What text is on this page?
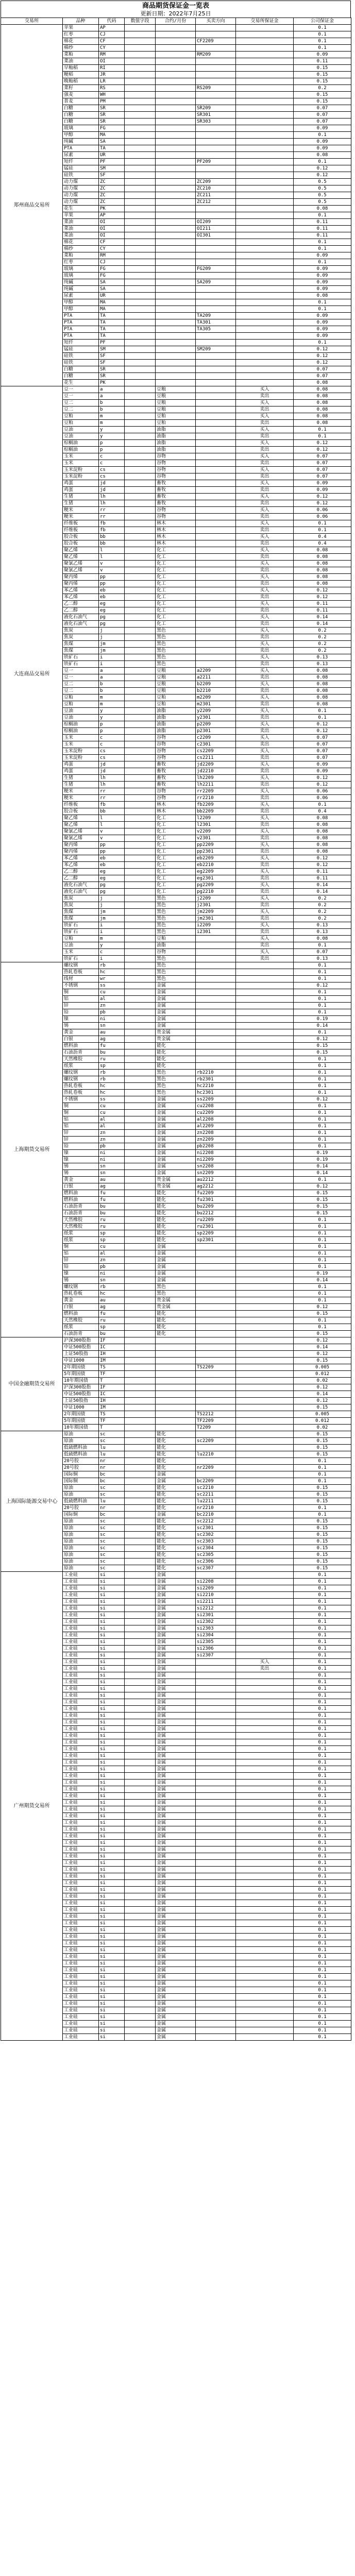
商品期货保证金一览表
更新日期：2022年7月25日
交易所	品种	代码	数值字段	合约/月份	买卖方向	交易所保证金	公司保证金
郑州商品交易所	苹果	AP					0.1
	红枣	CJ					0.1
	棉花	CF			CF2209		0.1
	棉纱	CY					0.1
	菜粕	RM			RM209		0.09
	菜油	OI					0.11
	早籼稻	RI					0.15
	粳稻	JR					0.15
	晚籼稻	LR					0.15
	菜籽	RS			RS209		0.2
	强麦	WH					0.15
	普麦	PM					0.15
	白糖	SR			SR209		0.07
	白糖	SR			SR301		0.07
	白糖	SR			SR303		0.07
	玻璃	FG					0.09
	甲醇	MA					0.1
	纯碱	SA					0.09
	PTA	TA					0.09
	尿素	UR					0.08
	短纤	PF			PF209		0.1
	锰硅	SM					0.12
	硅铁	SF					0.12
	动力煤	ZC			ZC209		0.5
	动力煤	ZC			ZC210		0.5
	动力煤	ZC			ZC211		0.5
	动力煤	ZC			ZC212		0.5
	花生	PK					0.08
	苹果	AP					0.1
	菜油	OI			OI209		0.11
	菜油	OI			OI211		0.11
	菜油	OI			OI301		0.11
	棉花	CF					0.1
	棉纱	CY					0.1
	菜粕	RM					0.09
	红枣	CJ					0.1
	玻璃	FG			FG209		0.09
	玻璃	FG					0.09
	纯碱	SA			SA209		0.09
	纯碱	SA					0.09
	尿素	UR					0.08
	甲醇	MA					0.1
	甲醇	MA					0.1
	PTA	TA			TA209		0.09
	PTA	TA			TA301		0.09
	PTA	TA			TA305		0.09
	PTA	TA					0.09
	短纤	PF					0.1
	锰硅	SM			SM209		0.12
	硅铁	SF					0.12
	硅铁	SF					0.12
	白糖	SR					0.07
	白糖	SR					0.07
	花生	PK					0.08
大连商品交易所	豆一	a		豆粮		买入	0.08
	豆一	a		豆粮		卖出	0.08
	豆二	b		豆粮		买入	0.08
	豆二	b		豆粮		卖出	0.08
	豆粕	m		豆粕		买入	0.08
	豆粕	m		豆粕		卖出	0.08
	豆油	y		油脂		买入	0.1
	豆油	y		油脂		卖出	0.1
	棕榈油	p		油脂		买入	0.12
	棕榈油	p		油脂		卖出	0.12
	玉米	c		谷物		买入	0.07
	玉米	c		谷物		卖出	0.07
	玉米淀粉	cs		谷物		买入	0.07
	玉米淀粉	cs		谷物		卖出	0.07
	鸡蛋	jd		畜牧		买入	0.09
	鸡蛋	jd		畜牧		卖出	0.09
	生猪	lh		畜牧		买入	0.12
	生猪	lh		畜牧		卖出	0.12
	粳米	rr		谷物		买入	0.06
	粳米	rr		谷物		卖出	0.06
	纤维板	fb		林木		买入	0.1
	纤维板	fb		林木		卖出	0.1
	胶合板	bb		林木		买入	0.4
	胶合板	bb		林木		卖出	0.4
	聚乙烯	l		化工		买入	0.08
	聚乙烯	l		化工		卖出	0.08
	聚氯乙烯	v		化工		买入	0.08
	聚氯乙烯	v		化工		卖出	0.08
	聚丙烯	pp		化工		买入	0.08
	聚丙烯	pp		化工		卖出	0.08
	苯乙烯	eb		化工		买入	0.12
	苯乙烯	eb		化工		卖出	0.12
	乙二醇	eg		化工		买入	0.11
	乙二醇	eg		化工		卖出	0.11
	液化石油气	pg		化工		买入	0.14
	液化石油气	pg		化工		卖出	0.14
	焦炭	j		黑色		买入	0.2
	焦炭	j		黑色		卖出	0.2
	焦煤	jm		黑色		买入	0.2
	焦煤	jm		黑色		卖出	0.2
	铁矿石	i		黑色		买入	0.13
	铁矿石	i		黑色		卖出	0.13
	豆一	a		豆粮	a2209	买入	0.08
	豆一	a		豆粮	a2211	卖出	0.08
	豆二	b		豆粮	b2209	买入	0.08
	豆二	b		豆粮	b2210	卖出	0.08
	豆粕	m		豆粕	m2209	买入	0.08
	豆粕	m		豆粕	m2301	卖出	0.08
	豆油	y		油脂	y2209	买入	0.1
	豆油	y		油脂	y2301	卖出	0.1
	棕榈油	p		油脂	p2209	买入	0.12
	棕榈油	p		油脂	p2301	卖出	0.12
	玉米	c		谷物	c2209	买入	0.07
	玉米	c		谷物	c2301	卖出	0.07
	玉米淀粉	cs		谷物	cs2209	买入	0.07
	玉米淀粉	cs		谷物	cs2211	卖出	0.07
	鸡蛋	jd		畜牧	jd2209	买入	0.09
	鸡蛋	jd		畜牧	jd2210	卖出	0.09
	生猪	lh		畜牧	lh2209	买入	0.12
	生猪	lh		畜牧	lh2211	卖出	0.12
	粳米	rr		谷物	rr2209	买入	0.06
	粳米	rr		谷物	rr2210	卖出	0.06
	纤维板	fb		林木	fb2209	买入	0.1
	胶合板	bb		林木	bb2209	卖出	0.4
	聚乙烯	l		化工	l2209	买入	0.08
	聚乙烯	l		化工	l2301	卖出	0.08
	聚氯乙烯	v		化工	v2209	买入	0.08
	聚氯乙烯	v		化工	v2301	卖出	0.08
	聚丙烯	pp		化工	pp2209	买入	0.08
	聚丙烯	pp		化工	pp2301	卖出	0.08
	苯乙烯	eb		化工	eb2209	买入	0.12
	苯乙烯	eb		化工	eb2210	卖出	0.12
	乙二醇	eg		化工	eg2209	买入	0.11
	乙二醇	eg		化工	eg2301	卖出	0.11
	液化石油气	pg		化工	pg2209	买入	0.14
	液化石油气	pg		化工	pg2210	卖出	0.14
	焦炭	j		黑色	j2209	买入	0.2
	焦炭	j		黑色	j2301	卖出	0.2
	焦煤	jm		黑色	jm2209	买入	0.2
	焦煤	jm		黑色	jm2301	卖出	0.2
	铁矿石	i		黑色	i2209	买入	0.13
	铁矿石	i		黑色	i2301	卖出	0.13
	豆粕	m		豆粕		买入	0.08
	豆油	y		油脂		卖出	0.1
	玉米	c		谷物		买入	0.07
	铁矿石	i		黑色		卖出	0.13
上海期货交易所	螺纹钢	rb		黑色			0.1
	热轧卷板	hc		黑色			0.1
	线材	wr		黑色			0.1
	不锈钢	ss		金属			0.12
	铜	cu		金属			0.1
	铝	al		金属			0.1
	锌	zn		金属			0.1
	铅	pb		金属			0.1
	镍	ni		金属			0.19
	锡	sn		金属			0.14
	黄金	au		贵金属			0.1
	白银	ag		贵金属			0.12
	燃料油	fu		能化			0.15
	石油沥青	bu		能化			0.15
	天然橡胶	ru		能化			0.1
	纸浆	sp		能化			0.1
	螺纹钢	rb		黑色	rb2210		0.1
	螺纹钢	rb		黑色	rb2301		0.1
	热轧卷板	hc		黑色	hc2210		0.1
	热轧卷板	hc		黑色	hc2301		0.1
	不锈钢	ss		金属	ss2209		0.12
	铜	cu		金属	cu2208		0.1
	铜	cu		金属	cu2209		0.1
	铝	al		金属	al2208		0.1
	铝	al		金属	al2209		0.1
	锌	zn		金属	zn2208		0.1
	锌	zn		金属	zn2209		0.1
	铅	pb		金属	pb2208		0.1
	镍	ni		金属	ni2208		0.19
	镍	ni		金属	ni2209		0.19
	锡	sn		金属	sn2208		0.14
	锡	sn		金属	sn2209		0.14
	黄金	au		贵金属	au2212		0.1
	白银	ag		贵金属	ag2212		0.12
	燃料油	fu		能化	fu2209		0.15
	燃料油	fu		能化	fu2301		0.15
	石油沥青	bu		能化	bu2209		0.15
	石油沥青	bu		能化	bu2212		0.15
	天然橡胶	ru		能化	ru2209		0.1
	天然橡胶	ru		能化	ru2301		0.1
	纸浆	sp		能化	sp2209		0.1
	纸浆	sp		能化	sp2301		0.1
	铜	cu		金属			0.1
	铝	al		金属			0.1
	锌	zn		金属			0.1
	铅	pb		金属			0.1
	镍	ni		金属			0.19
	锡	sn		金属			0.14
	螺纹钢	rb		黑色			0.1
	热轧卷板	hc		黑色			0.1
	黄金	au		贵金属			0.1
	白银	ag		贵金属			0.12
	燃料油	fu		能化			0.15
	天然橡胶	ru		能化			0.1
	纸浆	sp		能化			0.1
	石油沥青	bu		能化			0.15
中国金融期货交易所	沪深300股指	IF					0.12
	中证500股指	IC					0.14
	上证50股指	IH					0.12
	中证1000	IM					0.15
	2年期国债	TS			TS2209		0.005
	5年期国债	TF					0.012
	10年期国债	T					0.02
	沪深300股指	IF					0.12
	中证500股指	IC					0.14
	上证50股指	IH					0.12
	中证1000	IM					0.15
	2年期国债	TS			TS2212		0.005
	5年期国债	TF			TF2209		0.012
	10年期国债	T			T2209		0.02
上海国际能源交易中心	原油	sc		能化			0.15
	原油	sc		能化	sc2209		0.15
	低硫燃料油	lu		能化			0.15
	低硫燃料油	lu		能化	lu2210		0.15
	20号胶	nr		能化			0.1
	20号胶	nr		能化	nr2209		0.1
	国际铜	bc		金属			0.1
	国际铜	bc		金属	bc2209		0.1
	原油	sc		能化	sc2210		0.15
	原油	sc		能化	sc2211		0.15
	低硫燃料油	lu		能化	lu2211		0.15
	20号胶	nr		能化	nr2210		0.1
	国际铜	bc		金属	bc2210		0.1
	原油	sc		能化	sc2212		0.15
	原油	sc		能化	sc2301		0.15
	原油	sc		能化	sc2302		0.15
	原油	sc		能化	sc2303		0.15
	原油	sc		能化	sc2304		0.15
	原油	sc		能化	sc2305		0.15
	原油	sc		能化	sc2306		0.15
	原油	sc		能化	sc2307		0.15
广州期货交易所	工业硅	si		金属			0.1
	工业硅	si		金属	si2208		0.1
	工业硅	si		金属	si2209		0.1
	工业硅	si		金属	si2210		0.1
	工业硅	si		金属	si2211		0.1
	工业硅	si		金属	si2212		0.1
	工业硅	si		金属	si2301		0.1
	工业硅	si		金属	si2302		0.1
	工业硅	si		金属	si2303		0.1
	工业硅	si		金属	si2304		0.1
	工业硅	si		金属	si2305		0.1
	工业硅	si		金属	si2306		0.1
	工业硅	si		金属	si2307		0.1
	工业硅	si		金属		买入	0.1
	工业硅	si		金属		卖出	0.1
	工业硅	si		金属			0.1
	工业硅	si		金属			0.1
	工业硅	si		金属			0.1
	工业硅	si		金属			0.1
	工业硅	si		金属			0.1
	工业硅	si		金属			0.1
	工业硅	si		金属			0.1
	工业硅	si		金属			0.1
	工业硅	si		金属			0.1
	工业硅	si		金属			0.1
	工业硅	si		金属			0.1
	工业硅	si		金属			0.1
	工业硅	si		金属			0.1
	工业硅	si		金属			0.1
	工业硅	si		金属			0.1
	工业硅	si		金属			0.1
	工业硅	si		金属			0.1
	工业硅	si		金属			0.1
	工业硅	si		金属			0.1
	工业硅	si		金属			0.1
	工业硅	si		金属			0.1
	工业硅	si		金属			0.1
	工业硅	si		金属			0.1
	工业硅	si		金属			0.1
	工业硅	si		金属			0.1
	工业硅	si		金属			0.1
	工业硅	si		金属			0.1
	工业硅	si		金属			0.1
	工业硅	si		金属			0.1
	工业硅	si		金属			0.1
	工业硅	si		金属			0.1
	工业硅	si		金属			0.1
	工业硅	si		金属			0.1
	工业硅	si		金属			0.1
	工业硅	si		金属			0.1
	工业硅	si		金属			0.1
	工业硅	si		金属			0.1
	工业硅	si		金属			0.1
	工业硅	si		金属			0.1
	工业硅	si		金属			0.1
	工业硅	si		金属			0.1
	工业硅	si		金属			0.1
	工业硅	si		金属			0.1
	工业硅	si		金属			0.1
	工业硅	si		金属			0.1
	工业硅	si		金属			0.1
	工业硅	si		金属			0.1
	工业硅	si		金属			0.1
	工业硅	si		金属			0.1
	工业硅	si		金属			0.1
	工业硅	si		金属			0.1
	工业硅	si		金属			0.1
	工业硅	si		金属			0.1
	工业硅	si		金属			0.1
	工业硅	si		金属			0.1
